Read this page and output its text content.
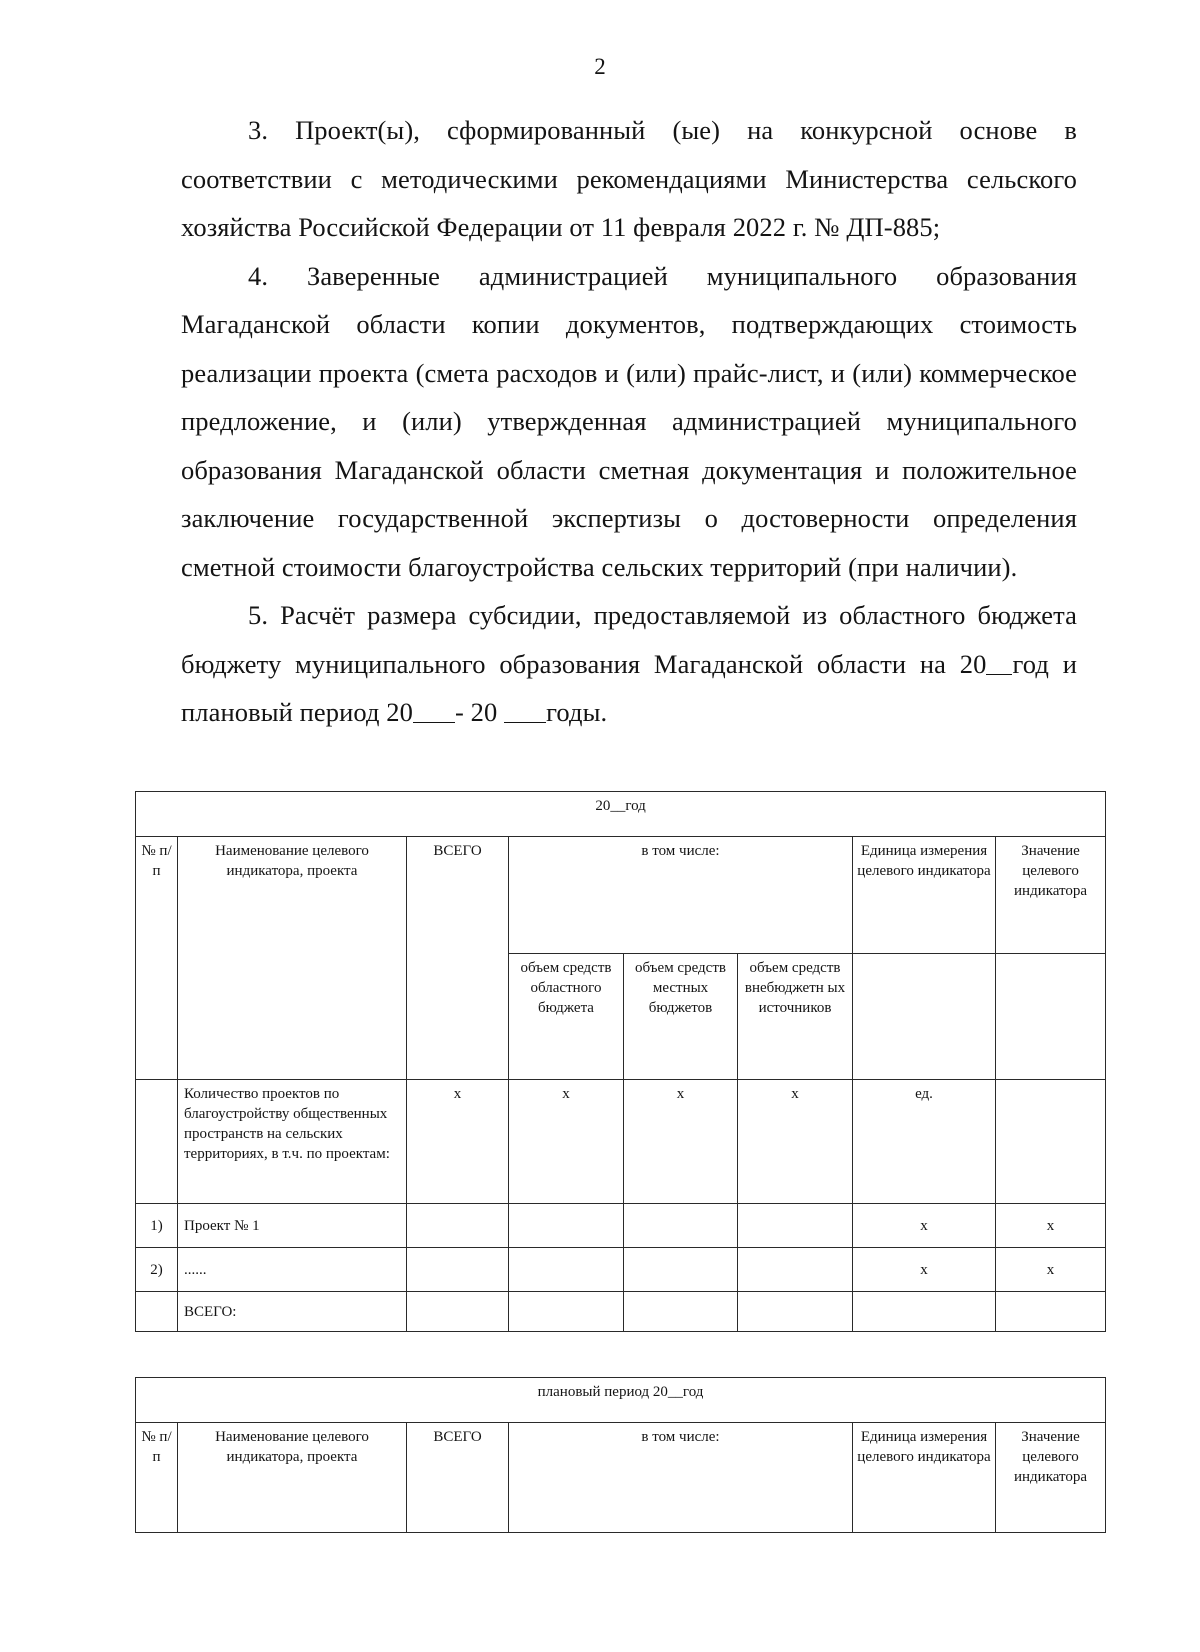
2

3. Проект(ы), сформированный (ые) на конкурсной основе в соответствии с методическими рекомендациями Министерства сельского хозяйства Российской Федерации от 11 февраля 2022 г. № ДП-885;

4. Заверенные администрацией муниципального образования Магаданской области копии документов, подтверждающих стоимость реализации проекта (смета расходов и (или) прайс-лист, и (или) коммерческое предложение, и (или) утвержденная администрацией муниципального образования Магаданской области сметная документация и положительное заключение государственной экспертизы о достоверности определения сметной стоимости благоустройства сельских территорий (при наличии).

5. Расчёт размера субсидии, предоставляемой из областного бюджета бюджету муниципального образования Магаданской области на 20 год и плановый период 20 - 20 годы.

20__год							
№ п/п	Наименование целевого индикатора, проекта	ВСЕГО	в том числе:			Единица измерения целевого индикатора	Значение целевого индикатора
			объем средств областного бюджета	объем средств местных бюджетов	объем средств внебюджетн ых источников		
	Количество проектов по благоустройству общественных пространств на сельских территориях, в т.ч. по проектам:	х	х	х	х	ед.	
1)	Проект № 1					х	х
2)	......					х	х
	ВСЕГО:						
плановый период 20__год
№ п/п	Наименование целевого индикатора, проекта	ВСЕГО	в том числе:	Единица измерения целевого индикатора	Значение целевого индикатора
